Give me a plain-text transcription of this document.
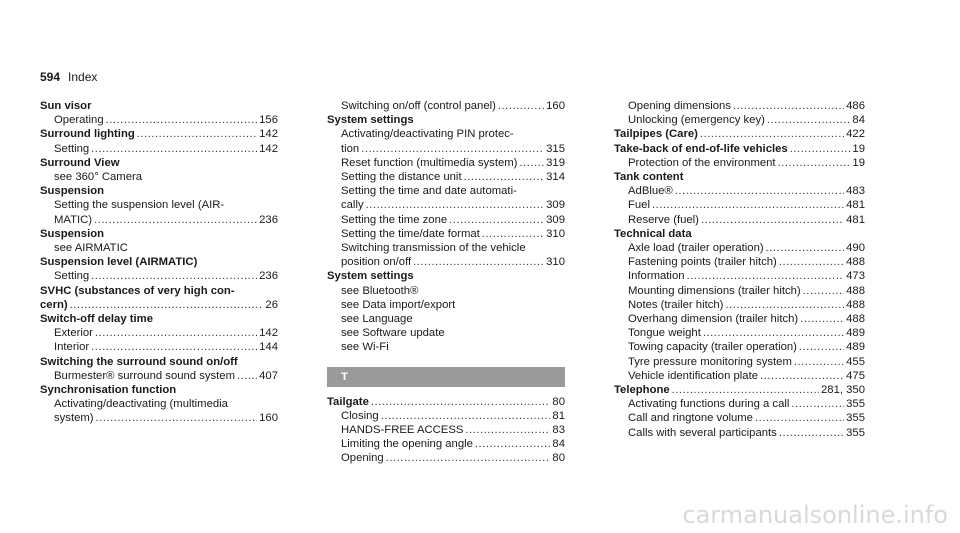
594 Index
Sun visor
Operating .....	156
Surround lighting .....	142
Setting .....	142
Surround View
see 360° Camera
Suspension
Setting the suspension level (AIR-
MATIC) .....	236
Suspension
see AIRMATIC
Suspension level (AIRMATIC)
Setting .....	236
SVHC (substances of very high con-
cern) .....	26
Switch-off delay time
Exterior .....	142
Interior .....	144
Switching the surround sound on/off
Burmester® surround sound system ..... 407
Synchronisation function
Activating/deactivating (multimedia
system) .....	160
Switching on/off (control panel) .....	160
System settings
Activating/deactivating PIN protec-
tion .....	315
Reset function (multimedia system) .....	319
Setting the distance unit .....	314
Setting the time and date automati-
cally .....	309
Setting the time zone .....	309
Setting the time/date format .....	310
Switching transmission of the vehicle
position on/off .....	310
System settings
see Bluetooth®
see Data import/export
see Language
see Software update
see Wi-Fi
T
Tailgate .....	80
Closing .....	81
HANDS-FREE ACCESS .....	83
Limiting the opening angle .....	84
Opening .....	80
Opening dimensions .....	486
Unlocking (emergency key) .....	84
Tailpipes (Care) .....	422
Take-back of end-of-life vehicles .....	19
Protection of the environment .....	19
Tank content
AdBlue® .....	483
Fuel .....	481
Reserve (fuel) .....	481
Technical data
Axle load (trailer operation) .....	490
Fastening points (trailer hitch) .....	488
Information .....	473
Mounting dimensions (trailer hitch) .....	488
Notes (trailer hitch) .....	488
Overhang dimension (trailer hitch) .....	488
Tongue weight .....	489
Towing capacity (trailer operation) .....	489
Tyre pressure monitoring system .....	455
Vehicle identification plate .....	475
Telephone .....	281, 350
Activating functions during a call .....	355
Call and ringtone volume .....	355
Calls with several participants .....	355
carmanualsonline.info
